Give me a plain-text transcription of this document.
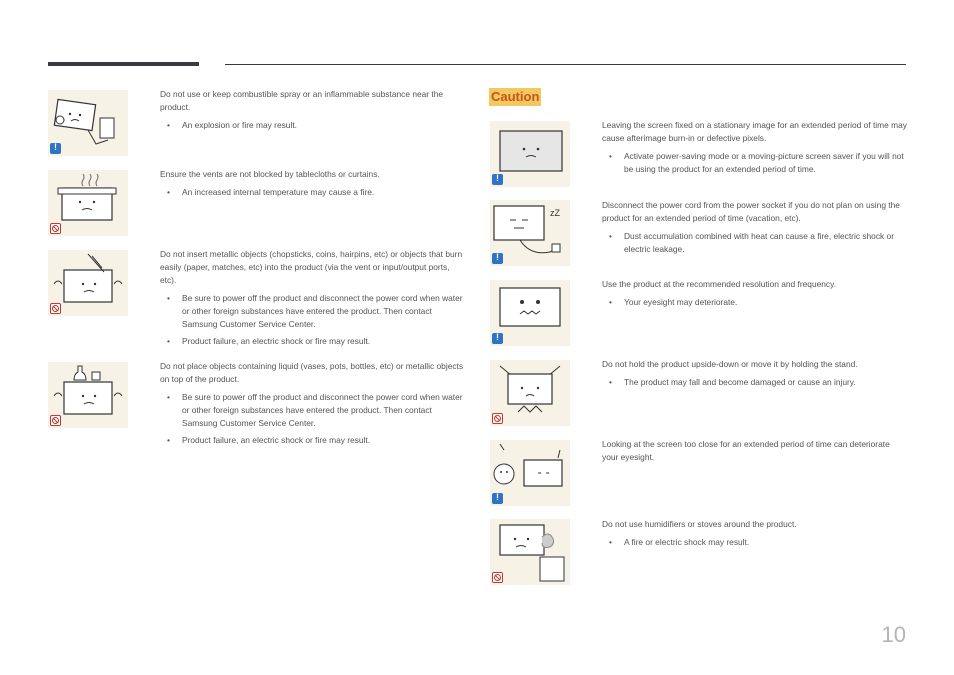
!

Do not use or keep combustible spray or an inflammable substance near the product.

• An explosion or fire may result.

Ensure the vents are not blocked by tablecloths or curtains.

• An increased internal temperature may cause a fire.

Do not insert metallic objects (chopsticks, coins, hairpins, etc) or objects that burn easily (paper, matches, etc) into the product (via the vent or input/output ports, etc).

• Be sure to power off the product and disconnect the power cord when water or other foreign substances have entered the product. Then contact Samsung Customer Service Center.
• Product failure, an electric shock or fire may result.

Do not place objects containing liquid (vases, pots, bottles, etc) or metallic objects on top of the product.

• Be sure to power off the product and disconnect the power cord when water or other foreign substances have entered the product. Then contact Samsung Customer Service Center.
• Product failure, an electric shock or fire may result.
Caution
!

Leaving the screen fixed on a stationary image for an extended period of time may cause afterimage burn-in or defective pixels.

• Activate power-saving mode or a moving-picture screen saver if you will not be using the product for an extended period of time.
zZ
!

Disconnect the power cord from the power socket if you do not plan on using the product for an extended period of time (vacation, etc).

• Dust accumulation combined with heat can cause a fire, electric shock or electric leakage.
!

Use the product at the recommended resolution and frequency.

• Your eyesight may deteriorate.

Do not hold the product upside-down or move it by holding the stand.

• The product may fall and become damaged or cause an injury.
!

Looking at the screen too close for an extended period of time can deteriorate your eyesight.

Do not use humidifiers or stoves around the product.

• A fire or electric shock may result.
10
